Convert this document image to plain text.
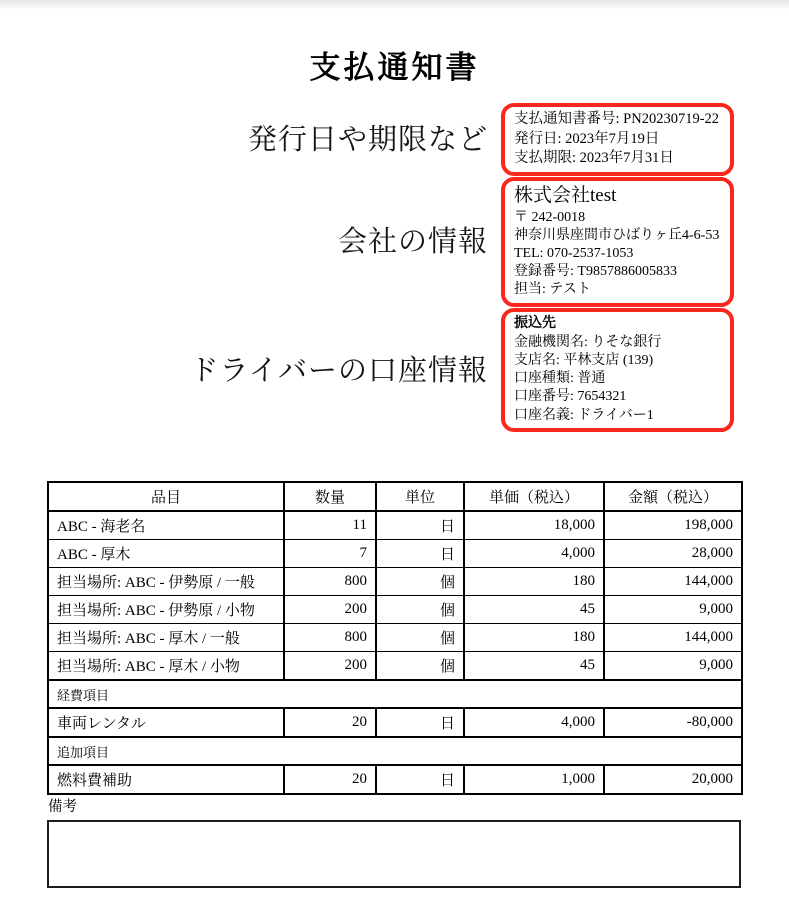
支払通知書
発行日や期限など
会社の情報
ドライバーの口座情報
支払通知書番号: PN20230719-22
発行日: 2023年7月19日
支払期限: 2023年7月31日
株式会社test
〒 242-0018
神奈川県座間市ひばりヶ丘4-6-53
TEL: 070-2537-1053
登録番号: T9857886005833
担当: テスト
振込先
金融機関名: りそな銀行
支店名: 平林支店 (139)
口座種類: 普通
口座番号: 7654321
口座名義: ドライバー1
品目	数量	単位	単価（税込）	金額（税込）
ABC - 海老名	11	日	18,000	198,000
ABC - 厚木	7	日	4,000	28,000
担当場所: ABC - 伊勢原 / 一般	800	個	180	144,000
担当場所: ABC - 伊勢原 / 小物	200	個	45	9,000
担当場所: ABC - 厚木 / 一般	800	個	180	144,000
担当場所: ABC - 厚木 / 小物	200	個	45	9,000
経費項目				
車両レンタル	20	日	4,000	-80,000
追加項目				
燃料費補助	20	日	1,000	20,000
備考
